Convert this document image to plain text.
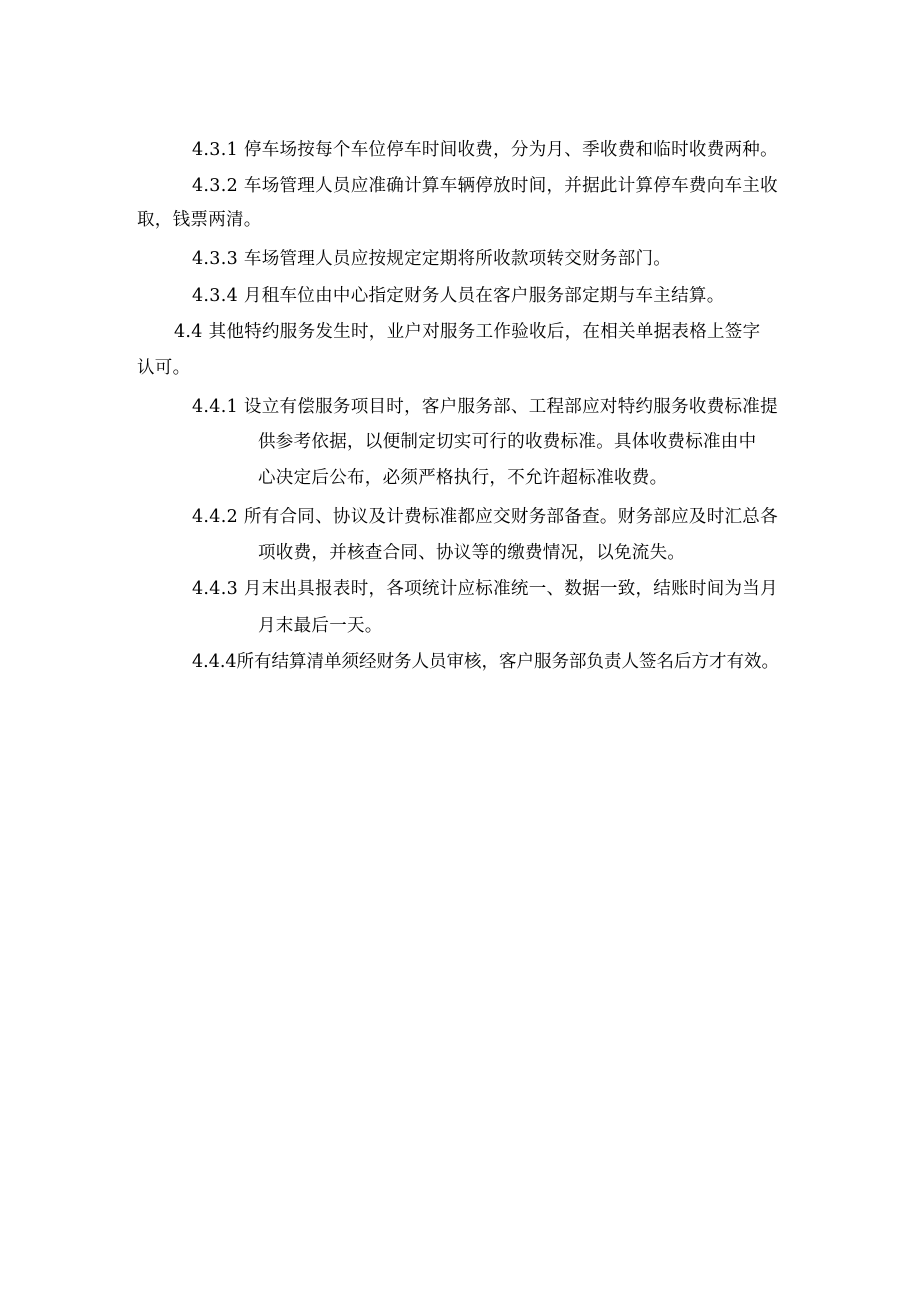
4.3.1 停车场按每个车位停车时间收费，分为月、季收费和临时收费两种。
4.3.2 车场管理人员应准确计算车辆停放时间，并据此计算停车费向车主收
取，钱票两清。
4.3.3 车场管理人员应按规定定期将所收款项转交财务部门。
4.3.4 月租车位由中心指定财务人员在客户服务部定期与车主结算。
4.4 其他特约服务发生时，业户对服务工作验收后，在相关单据表格上签字
认可。
4.4.1 设立有偿服务项目时，客户服务部、工程部应对特约服务收费标准提
供参考依据，以便制定切实可行的收费标准。具体收费标准由中
心决定后公布，必须严格执行，不允许超标准收费。
4.4.2 所有合同、协议及计费标准都应交财务部备查。财务部应及时汇总各
项收费，并核查合同、协议等的缴费情况，以免流失。
4.4.3 月末出具报表时，各项统计应标准统一、数据一致，结账时间为当月
月末最后一天。
4.4.4所有结算清单须经财务人员审核，客户服务部负责人签名后方才有效。
